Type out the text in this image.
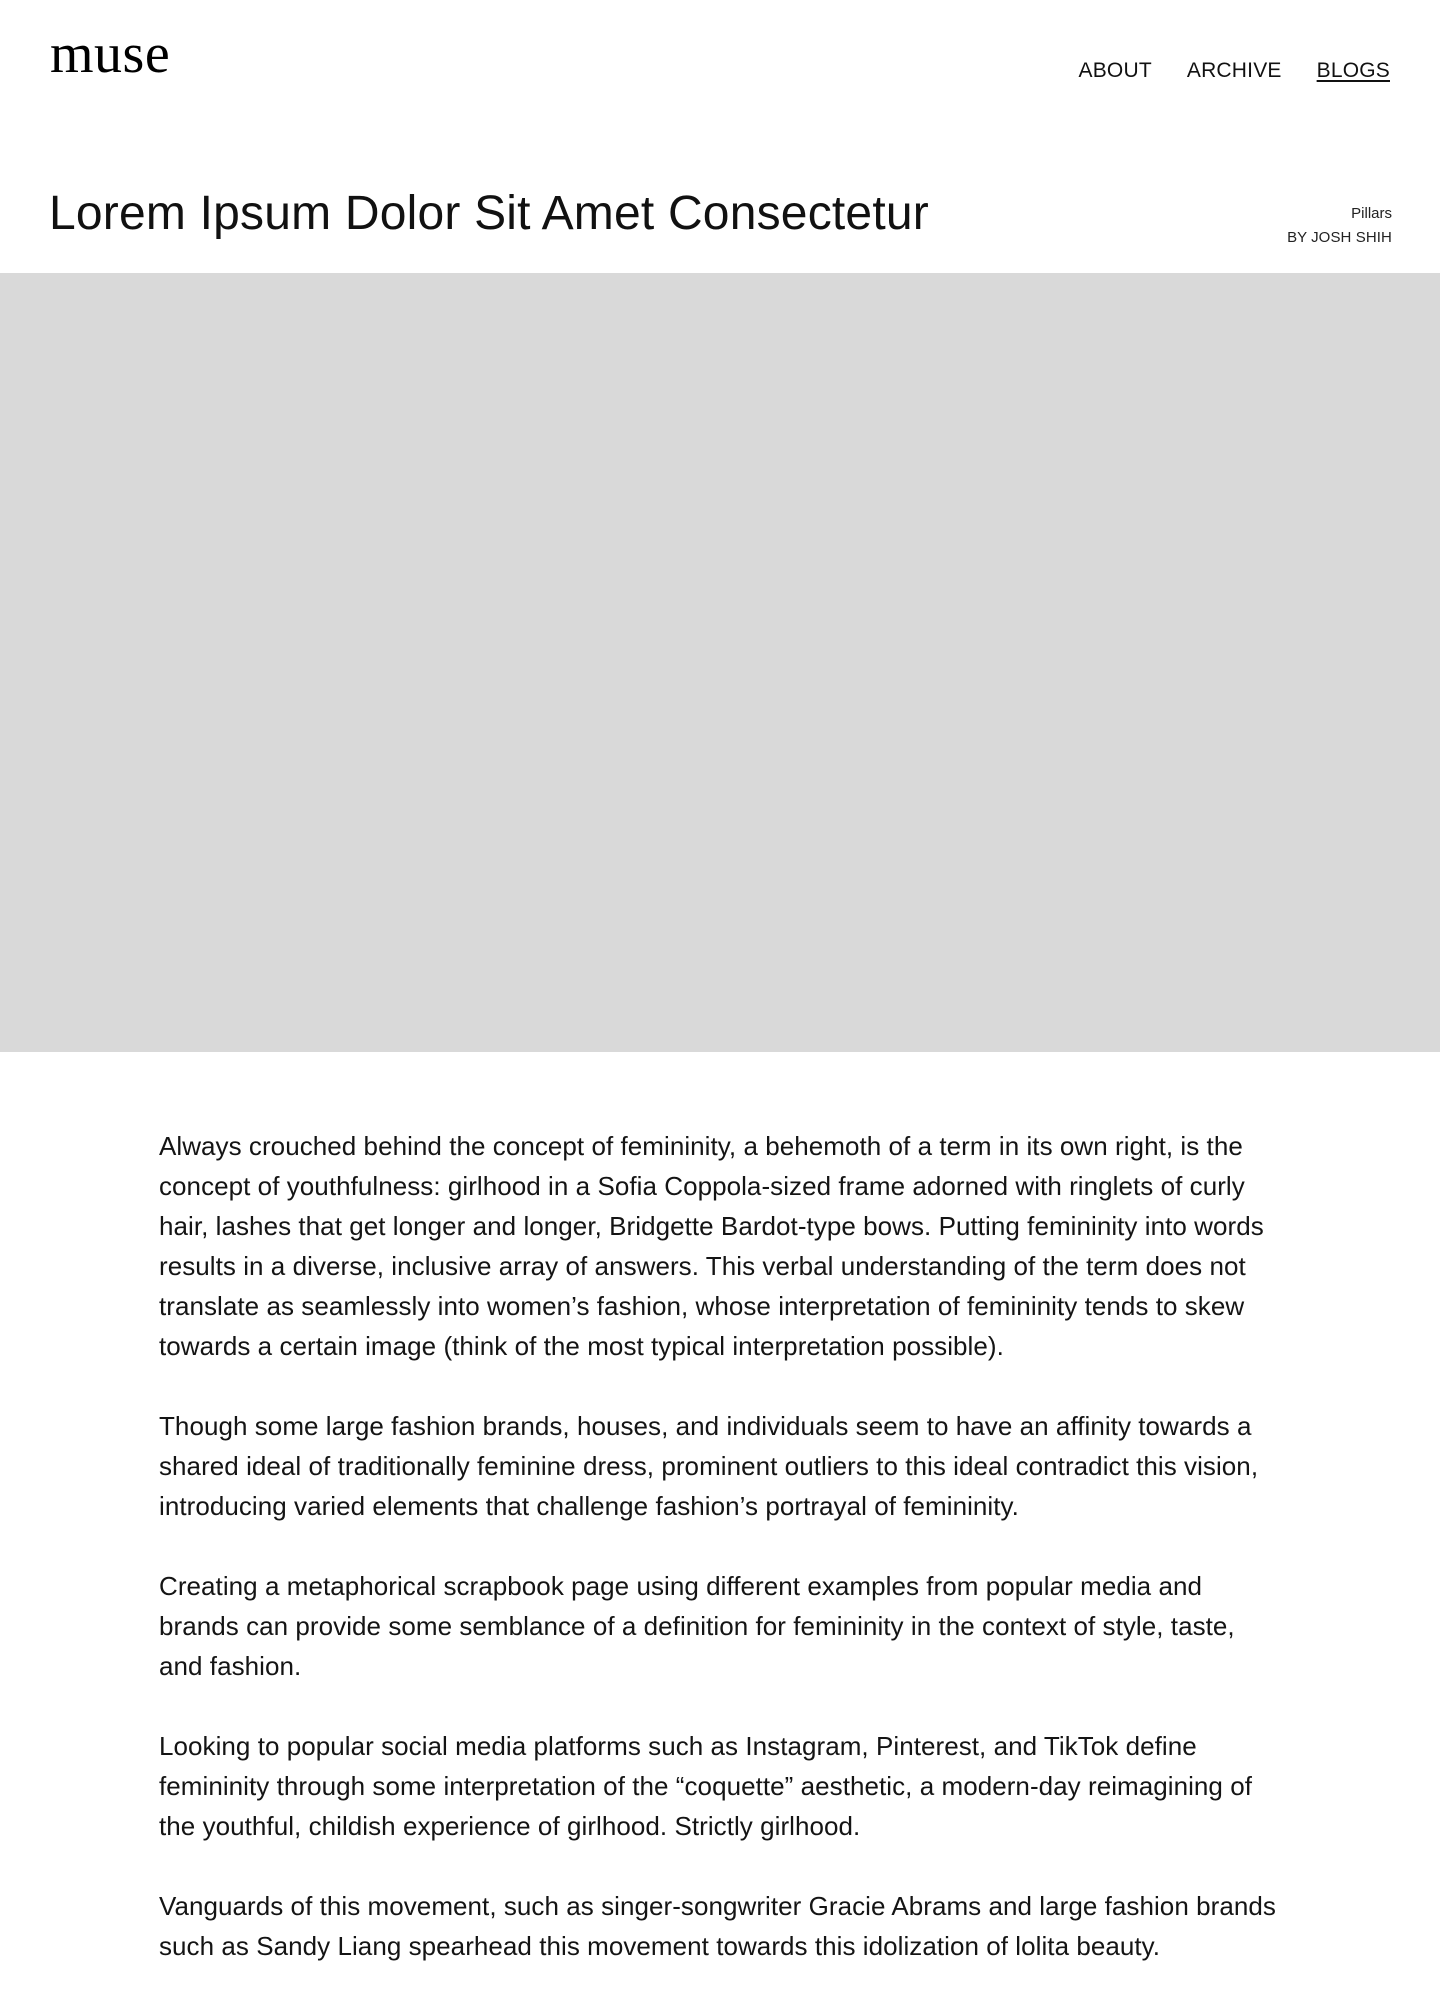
muse	ABOUT ARCHIVE BLOGS
Lorem Ipsum Dolor Sit Amet Consectetur	Pillars
BY JOSH SHIH

Always crouched behind the concept of femininity, a behemoth of a term in its own right, is the concept of youthfulness: girlhood in a Sofia Coppola-sized frame adorned with ringlets of curly hair, lashes that get longer and longer, Bridgette Bardot-type bows. Putting femininity into words results in a diverse, inclusive array of answers. This verbal understanding of the term does not translate as seamlessly into women’s fashion, whose interpretation of femininity tends to skew towards a certain image (think of the most typical interpretation possible).

Though some large fashion brands, houses, and individuals seem to have an affinity towards a shared ideal of traditionally feminine dress, prominent outliers to this ideal contradict this vision, introducing varied elements that challenge fashion’s portrayal of femininity.

Creating a metaphorical scrapbook page using different examples from popular media and brands can provide some semblance of a definition for femininity in the context of style, taste, and fashion.

Looking to popular social media platforms such as Instagram, Pinterest, and TikTok define femininity through some interpretation of the “coquette” aesthetic, a modern-day reimagining of the youthful, childish experience of girlhood. Strictly girlhood.

Vanguards of this movement, such as singer-songwriter Gracie Abrams and large fashion brands such as Sandy Liang spearhead this movement towards this idolization of lolita beauty.
